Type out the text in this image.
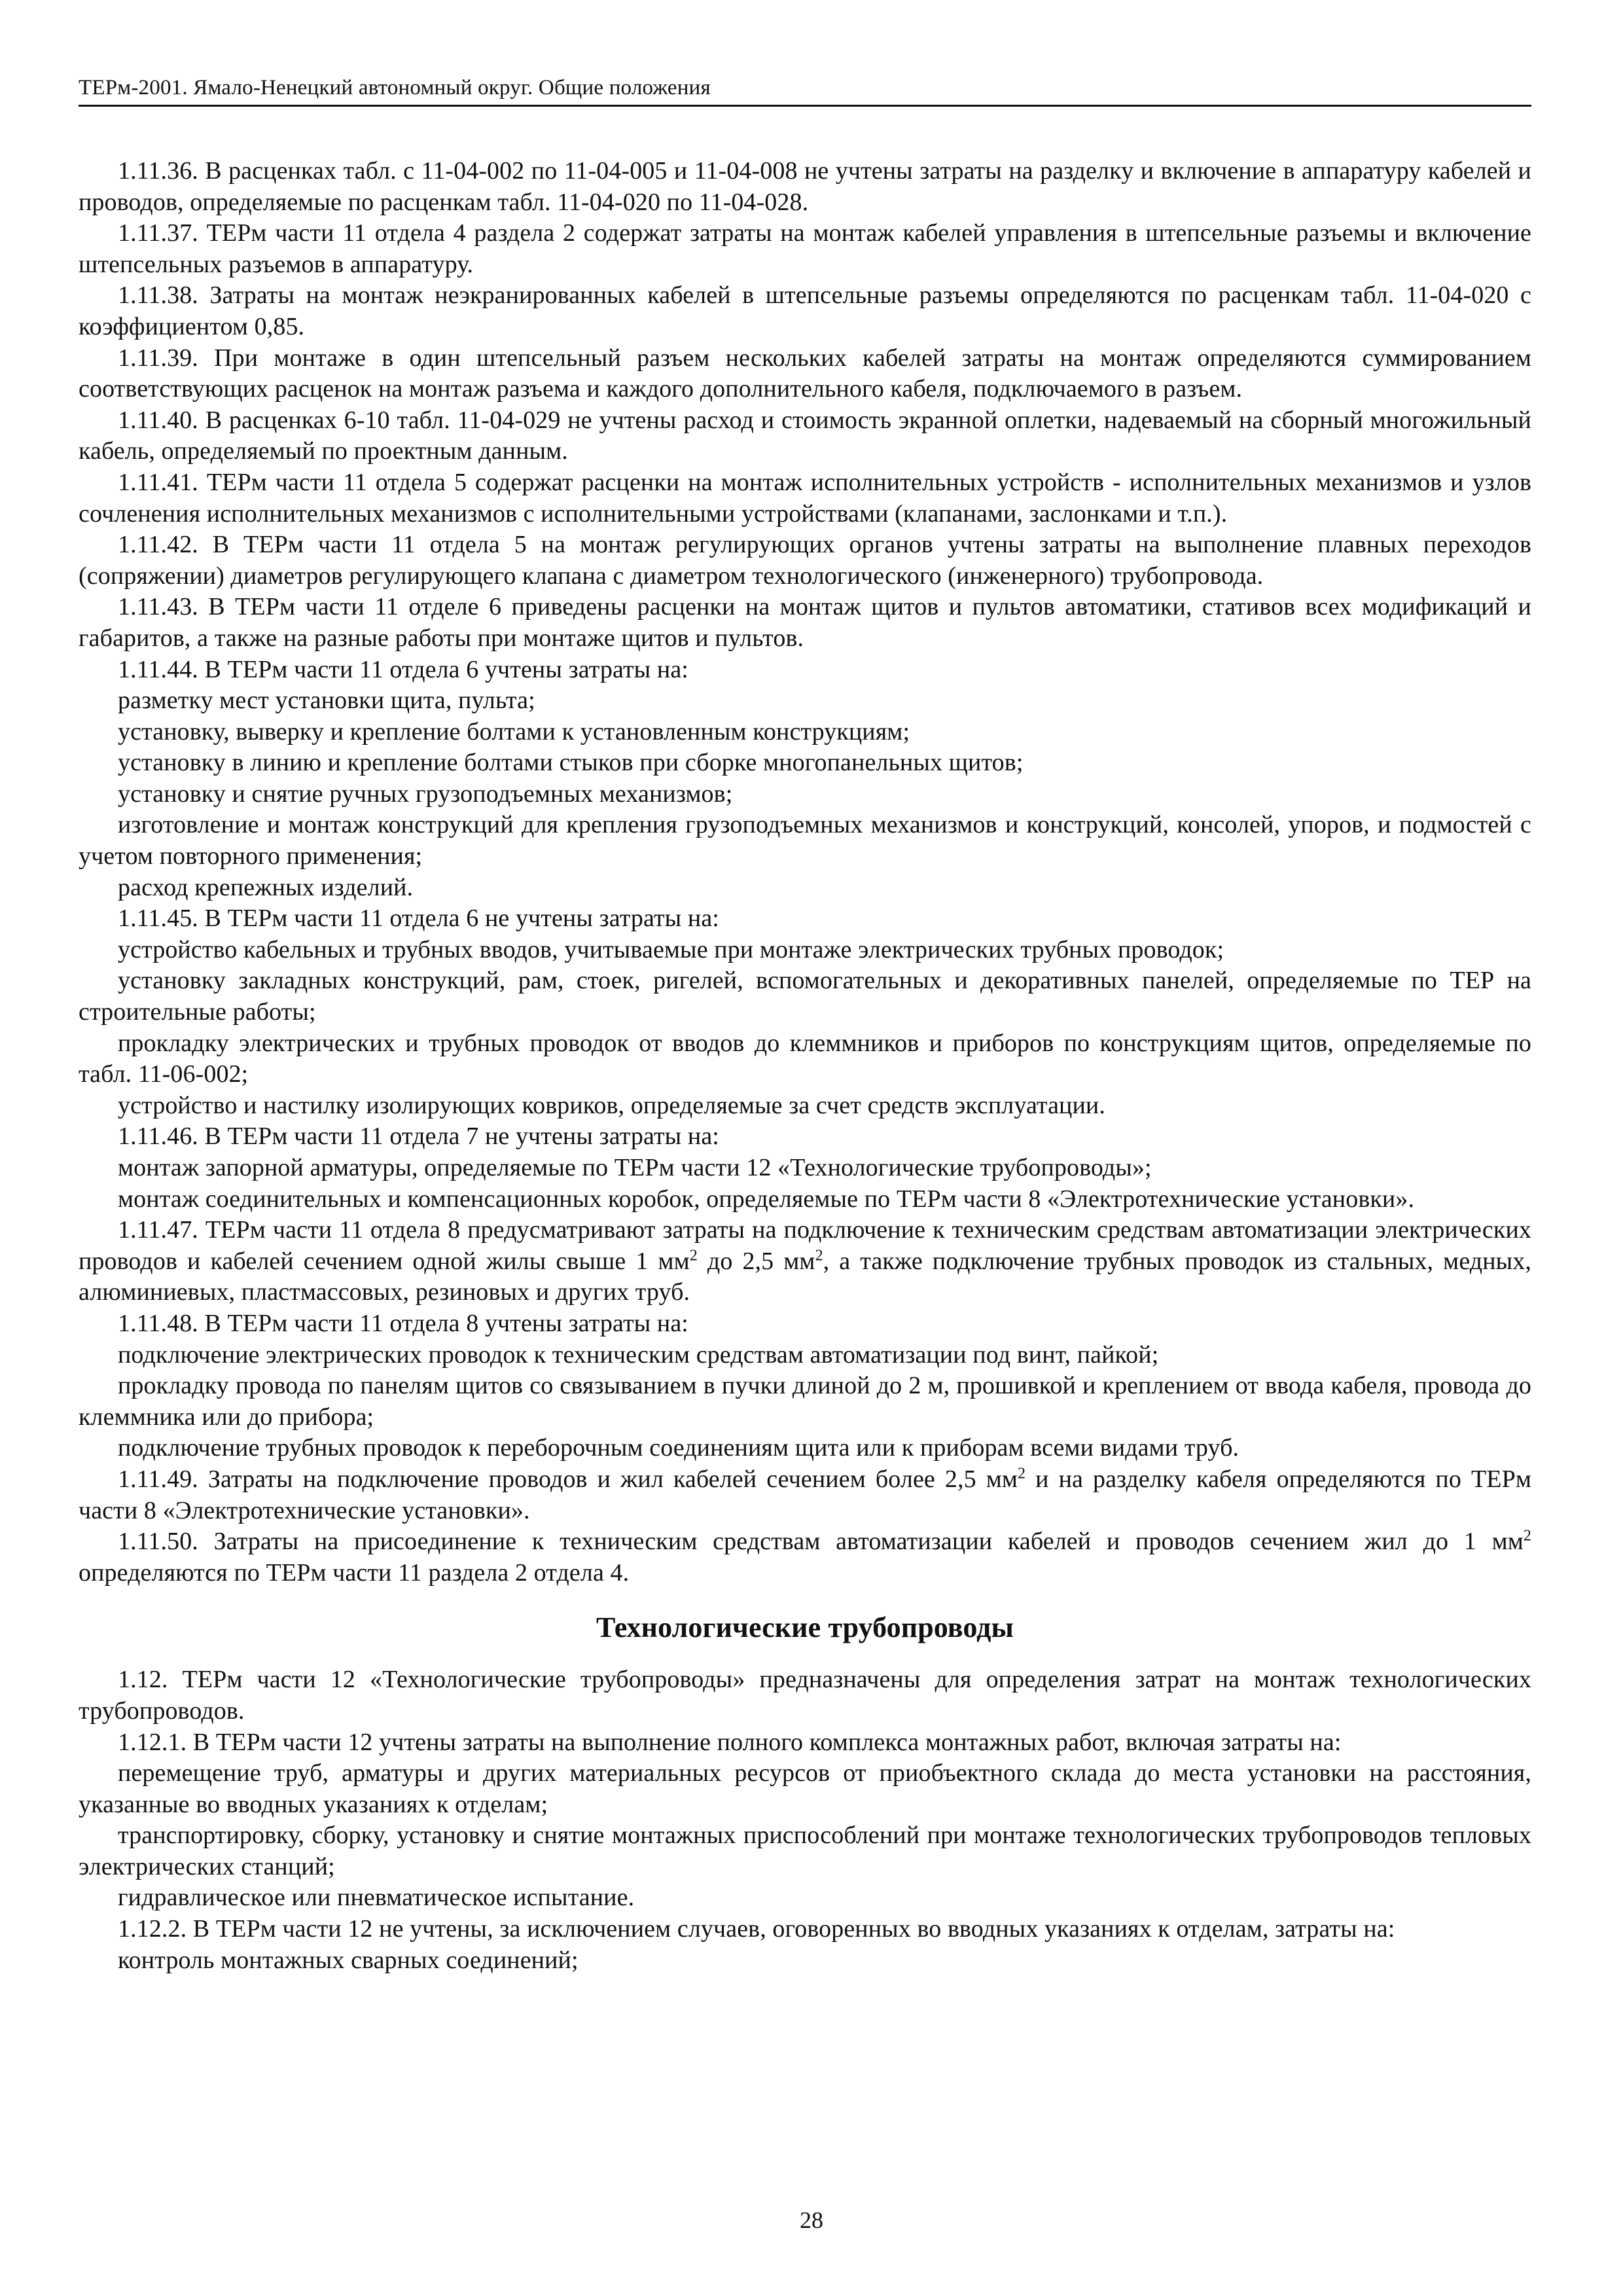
ТЕРм-2001. Ямало-Ненецкий автономный округ. Общие положения

1.11.36. В расценках табл. с 11-04-002 по 11-04-005 и 11-04-008 не учтены затраты на разделку и включение в аппаратуру кабелей и проводов, определяемые по расценкам табл. 11-04-020 по 11-04-028.

1.11.37. ТЕРм части 11 отдела 4 раздела 2 содержат затраты на монтаж кабелей управления в штепсельные разъемы и включение штепсельных разъемов в аппаратуру.

1.11.38. Затраты на монтаж неэкранированных кабелей в штепсельные разъемы определяются по расценкам табл. 11-04-020 с коэффициентом 0,85.

1.11.39. При монтаже в один штепсельный разъем нескольких кабелей затраты на монтаж определяются суммированием соответствующих расценок на монтаж разъема и каждого дополнительного кабеля, подключаемого в разъем.

1.11.40. В расценках 6-10 табл. 11-04-029 не учтены расход и стоимость экранной оплетки, надеваемый на сборный многожильный кабель, определяемый по проектным данным.

1.11.41. ТЕРм части 11 отдела 5 содержат расценки на монтаж исполнительных устройств - исполнительных механизмов и узлов сочленения исполнительных механизмов с исполнительными устройствами (клапанами, заслонками и т.п.).

1.11.42. В ТЕРм части 11 отдела 5 на монтаж регулирующих органов учтены затраты на выполнение плавных переходов (сопряжении) диаметров регулирующего клапана с диаметром технологического (инженерного) трубопровода.

1.11.43. В ТЕРм части 11 отделе 6 приведены расценки на монтаж щитов и пультов автоматики, стативов всех модификаций и габаритов, а также на разные работы при монтаже щитов и пультов.

1.11.44. В ТЕРм части 11 отдела 6 учтены затраты на:

разметку мест установки щита, пульта;

установку, выверку и крепление болтами к установленным конструкциям;

установку в линию и крепление болтами стыков при сборке многопанельных щитов;

установку и снятие ручных грузоподъемных механизмов;

изготовление и монтаж конструкций для крепления грузоподъемных механизмов и конструкций, консолей, упоров, и подмостей с учетом повторного применения;

расход крепежных изделий.

1.11.45. В ТЕРм части 11 отдела 6 не учтены затраты на:

устройство кабельных и трубных вводов, учитываемые при монтаже электрических трубных проводок;

установку закладных конструкций, рам, стоек, ригелей, вспомогательных и декоративных панелей, определяемые по ТЕР на строительные работы;

прокладку электрических и трубных проводок от вводов до клеммников и приборов по конструкциям щитов, определяемые по табл. 11-06-002;

устройство и настилку изолирующих ковриков, определяемые за счет средств эксплуатации.

1.11.46. В ТЕРм части 11 отдела 7 не учтены затраты на:

монтаж запорной арматуры, определяемые по ТЕРм части 12 «Технологические трубопроводы»;

монтаж соединительных и компенсационных коробок, определяемые по ТЕРм части 8 «Электротехнические установки».

1.11.47. ТЕРм части 11 отдела 8 предусматривают затраты на подключение к техническим средствам автоматизации электрических проводов и кабелей сечением одной жилы свыше 1 $мм^2$ до 2,5 $мм^2$, а также подключение трубных проводок из стальных, медных, алюминиевых, пластмассовых, резиновых и других труб.

1.11.48. В ТЕРм части 11 отдела 8 учтены затраты на:

подключение электрических проводок к техническим средствам автоматизации под винт, пайкой;

прокладку провода по панелям щитов со связыванием в пучки длиной до 2 м, прошивкой и креплением от ввода кабеля, провода до клеммника или до прибора;

подключение трубных проводок к переборочным соединениям щита или к приборам всеми видами труб.

1.11.49. Затраты на подключение проводов и жил кабелей сечением более 2,5 $мм^2$ и на разделку кабеля определяются по ТЕРм части 8 «Электротехнические установки».

1.11.50. Затраты на присоединение к техническим средствам автоматизации кабелей и проводов сечением жил до 1 $мм^2$ определяются по ТЕРм части 11 раздела 2 отдела 4.

Технологические трубопроводы

1.12. ТЕРм части 12 «Технологические трубопроводы» предназначены для определения затрат на монтаж технологических трубопроводов.

1.12.1. В ТЕРм части 12 учтены затраты на выполнение полного комплекса монтажных работ, включая затраты на:

перемещение труб, арматуры и других материальных ресурсов от приобъектного склада до места установки на расстояния, указанные во вводных указаниях к отделам;

транспортировку, сборку, установку и снятие монтажных приспособлений при монтаже технологических трубопроводов тепловых электрических станций;

гидравлическое или пневматическое испытание.

1.12.2. В ТЕРм части 12 не учтены, за исключением случаев, оговоренных во вводных указаниях к отделам, затраты на:

контроль монтажных сварных соединений;

28
